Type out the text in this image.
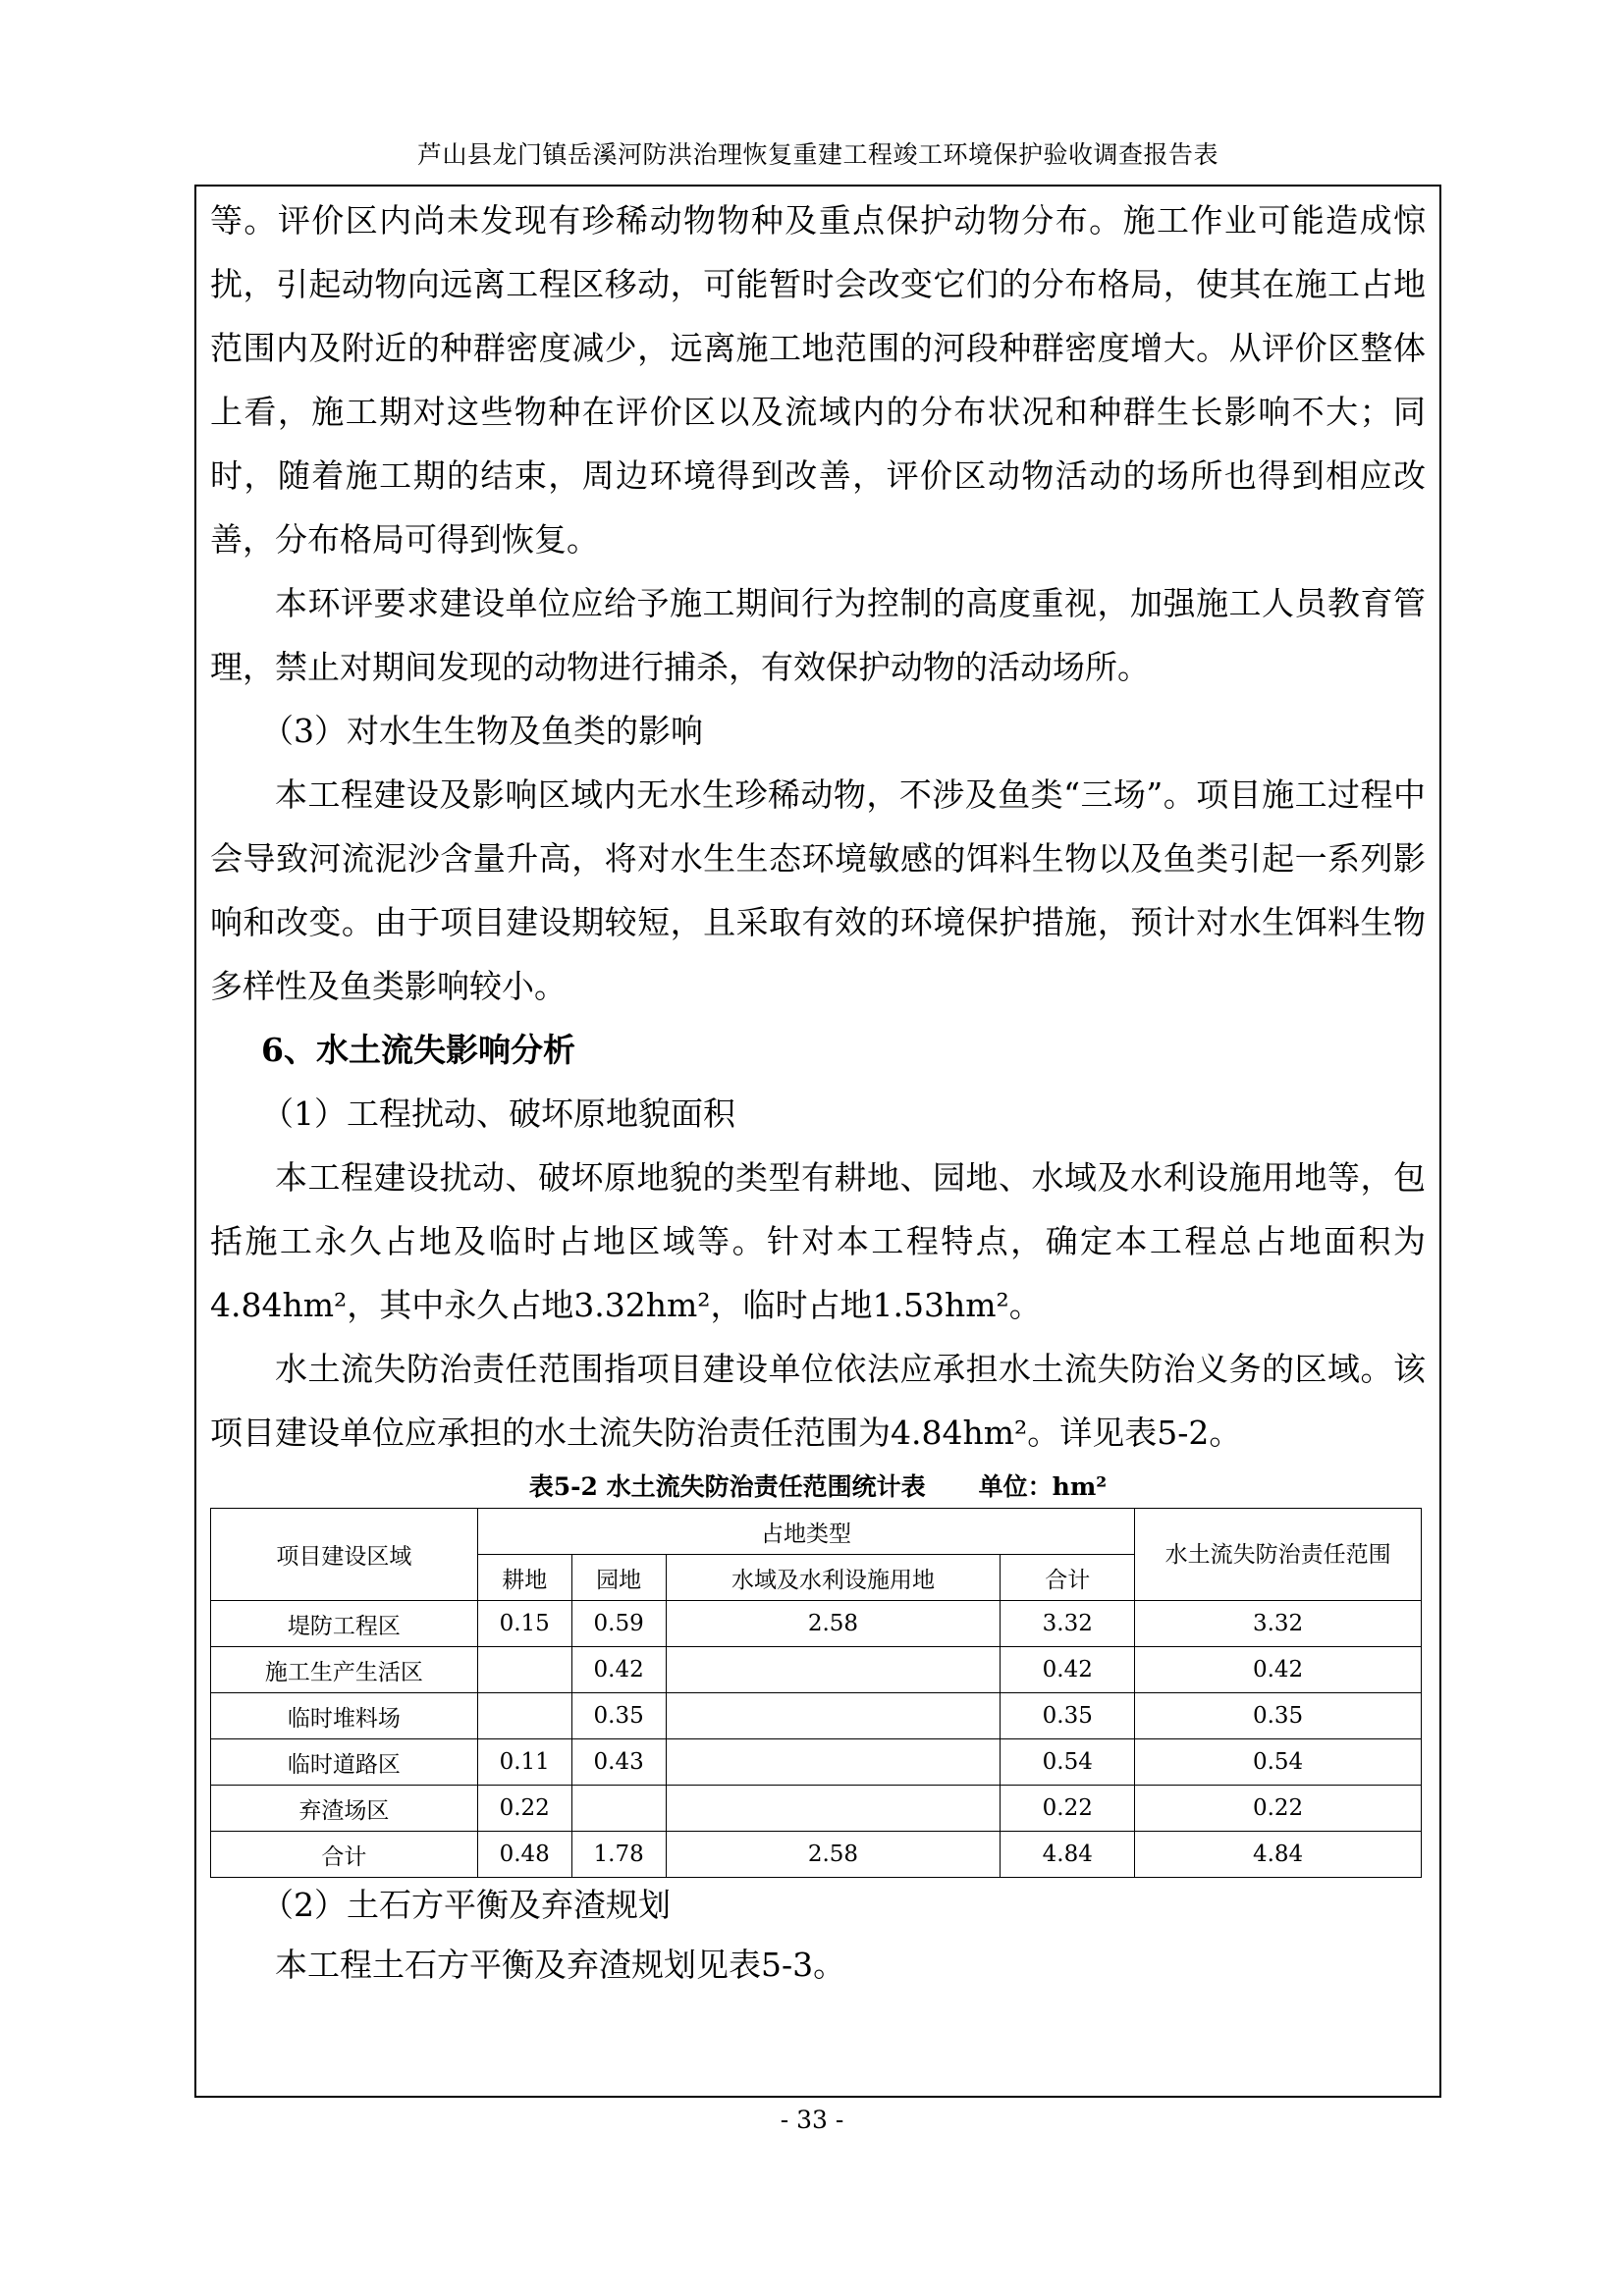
芦山县龙门镇岳溪河防洪治理恢复重建工程竣工环境保护验收调查报告表

等。评价区内尚未发现有珍稀动物物种及重点保护动物分布。施工作业可能造成惊扰，引起动物向远离工程区移动，可能暂时会改变它们的分布格局，使其在施工占地范围内及附近的种群密度减少，远离施工地范围的河段种群密度增大。从评价区整体上看，施工期对这些物种在评价区以及流域内的分布状况和种群生长影响不大；同时，随着施工期的结束，周边环境得到改善，评价区动物活动的场所也得到相应改善，分布格局可得到恢复。

本环评要求建设单位应给予施工期间行为控制的高度重视，加强施工人员教育管理，禁止对期间发现的动物进行捕杀，有效保护动物的活动场所。

（3）对水生生物及鱼类的影响

本工程建设及影响区域内无水生珍稀动物，不涉及鱼类“三场”。项目施工过程中会导致河流泥沙含量升高，将对水生生态环境敏感的饵料生物以及鱼类引起一系列影响和改变。由于项目建设期较短，且采取有效的环境保护措施，预计对水生饵料生物多样性及鱼类影响较小。

6、水土流失影响分析

（1）工程扰动、破坏原地貌面积

本工程建设扰动、破坏原地貌的类型有耕地、园地、水域及水利设施用地等，包括施工永久占地及临时占地区域等。针对本工程特点，确定本工程总占地面积为4.84hm²，其中永久占地3.32hm²，临时占地1.53hm²。

水土流失防治责任范围指项目建设单位依法应承担水土流失防治义务的区域。该项目建设单位应承担的水土流失防治责任范围为4.84hm²。详见表5-2。

表5-2 水土流失防治责任范围统计表 单位：hm²
项目建设区域	占地类型				水土流失防治责任范围
	耕地	园地	水域及水利设施用地	合计	
堤防工程区	0.15	0.59	2.58	3.32	3.32
施工生产生活区		0.42		0.42	0.42
临时堆料场		0.35		0.35	0.35
临时道路区	0.11	0.43		0.54	0.54
弃渣场区	0.22			0.22	0.22
合计	0.48	1.78	2.58	4.84	4.84

（2）土石方平衡及弃渣规划

本工程土石方平衡及弃渣规划见表5-3。

- 33 -
